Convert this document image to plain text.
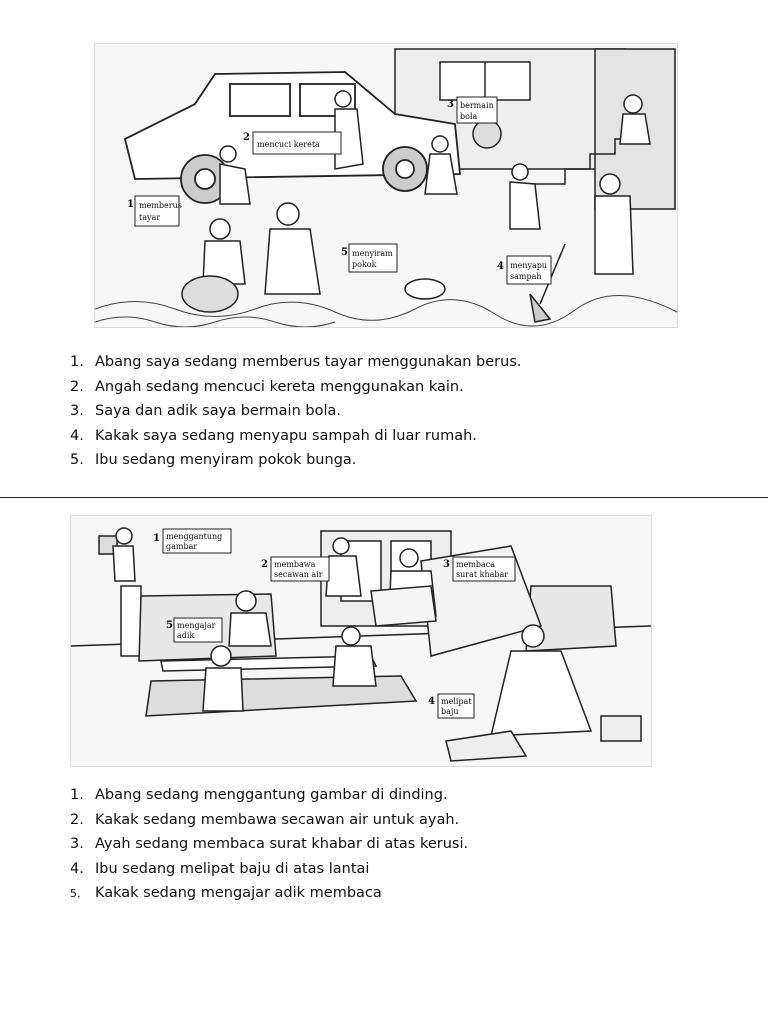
1 memberus
tayar
2
mencuci kereta
3 bermain
bola
4 menyapu
sampah
5 menyiram
pokok
1. Abang saya sedang memberus tayar menggunakan berus.
2. Angah sedang mencuci kereta menggunakan kain.
3. Saya dan adik saya bermain bola.
4. Kakak saya sedang menyapu sampah di luar rumah.
5. Ibu sedang menyiram pokok bunga.
1 menggantung
gambar
2 membawa
secawan air
3 membaca
surat khabar
4 melipat
baju
5 mengajar
adik
1. Abang sedang menggantung gambar di dinding.
2. Kakak sedang membawa secawan air untuk ayah.
3. Ayah sedang membaca surat khabar di atas kerusi.
4. Ibu sedang melipat baju di atas lantai
5. Kakak sedang mengajar adik membaca
